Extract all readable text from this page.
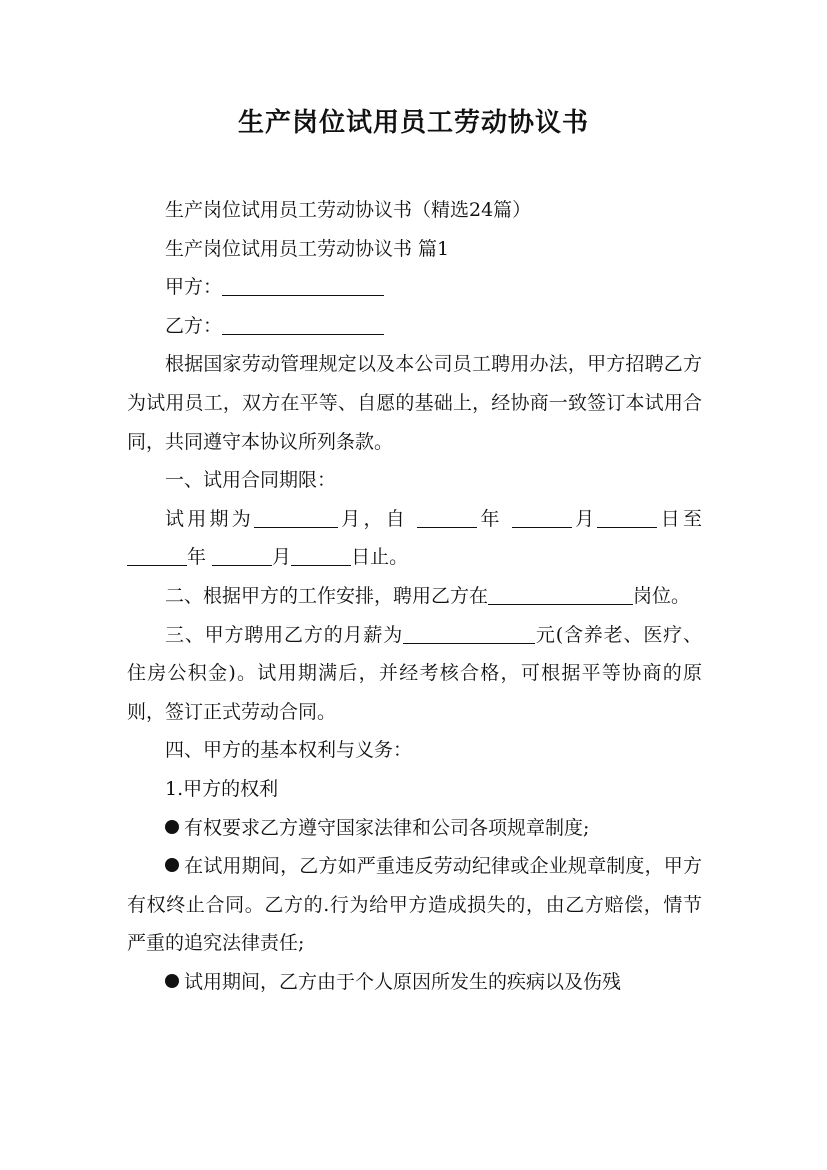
生产岗位试用员工劳动协议书

生产岗位试用员工劳动协议书（精选24篇）

生产岗位试用员工劳动协议书 篇1

甲方：

乙方：

根据国家劳动管理规定以及本公司员工聘用办法，甲方招聘乙方为试用员工，双方在平等、自愿的基础上，经协商一致签订本试用合同，共同遵守本协议所列条款。

一、试用合同期限：

试用期为	月，自	年	月	日至 年	月	日止。

二、根据甲方的工作安排，聘用乙方在	岗位。

三、甲方聘用乙方的月薪为	元(含养老、医疗、住房公积金)。试用期满后，并经考核合格，可根据平等协商的原则，签订正式劳动合同。

四、甲方的基本权利与义务：

1.甲方的权利

有权要求乙方遵守国家法律和公司各项规章制度;

在试用期间，乙方如严重违反劳动纪律或企业规章制度，甲方有权终止合同。乙方的.行为给甲方造成损失的，由乙方赔偿，情节严重的追究法律责任;

试用期间，乙方由于个人原因所发生的疾病以及伤残
